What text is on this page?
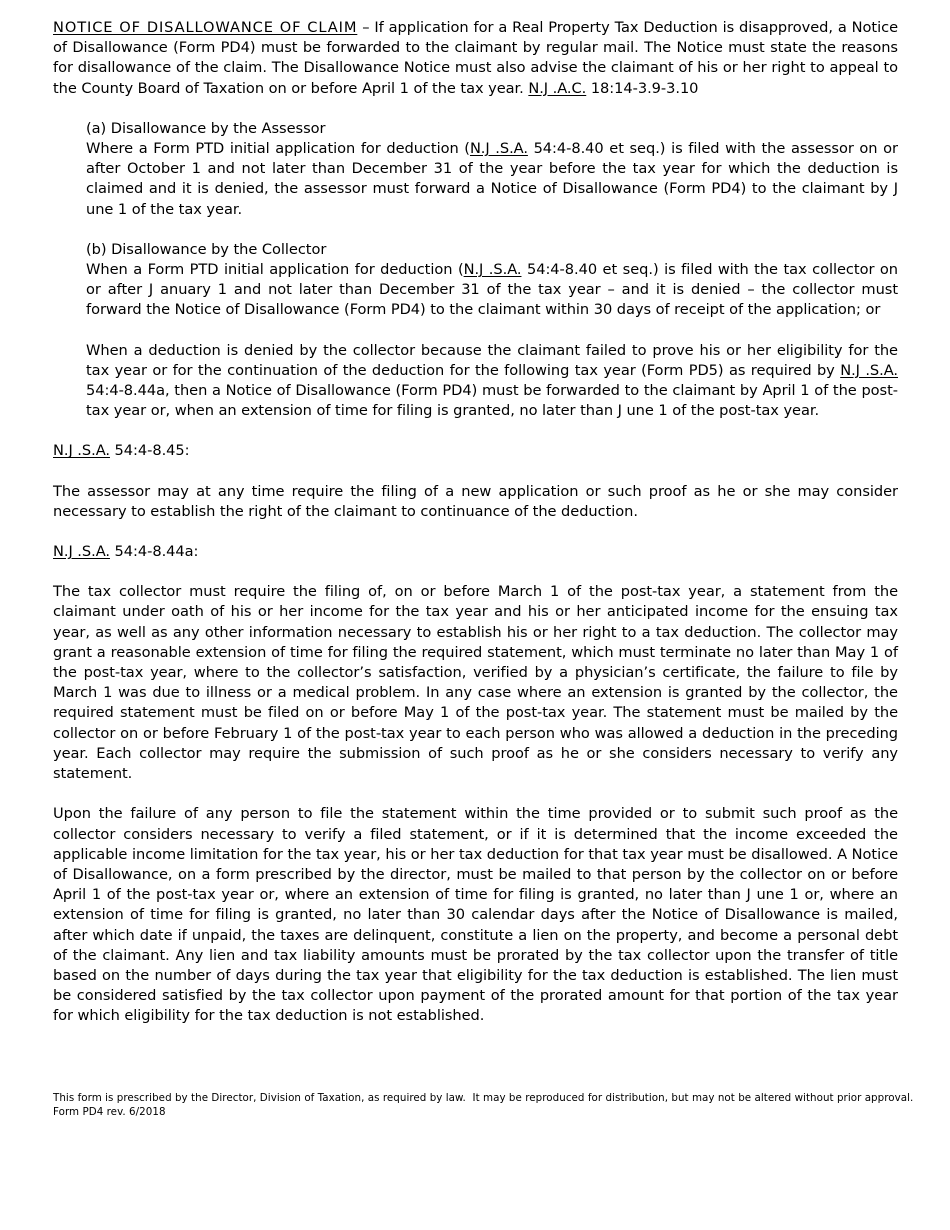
NOTICE OF DISALLOWANCE OF CLAIM – If application for a Real Property Tax Deduction is disapproved, a Notice of Disallowance (Form PD4) must be forwarded to the claimant by regular mail. The Notice must state the reasons for disallowance of the claim. The Disallowance Notice must also advise the claimant of his or her right to appeal to the County Board of Taxation on or before April 1 of the tax year. N.J .A.C. 18:14-3.9-3.10

(a) Disallowance by the Assessor

Where a Form PTD initial application for deduction (N.J .S.A. 54:4-8.40 et seq.) is filed with the assessor on or after October 1 and not later than December 31 of the year before the tax year for which the deduction is claimed and it is denied, the assessor must forward a Notice of Disallowance (Form PD4) to the claimant by J une 1 of the tax year.

(b) Disallowance by the Collector

When a Form PTD initial application for deduction (N.J .S.A. 54:4-8.40 et seq.) is filed with the tax collector on or after J anuary 1 and not later than December 31 of the tax year – and it is denied – the collector must forward the Notice of Disallowance (Form PD4) to the claimant within 30 days of receipt of the application; or

When a deduction is denied by the collector because the claimant failed to prove his or her eligibility for the tax year or for the continuation of the deduction for the following tax year (Form PD5) as required by N.J .S.A. 54:4-8.44a, then a Notice of Disallowance (Form PD4) must be forwarded to the claimant by April 1 of the post-tax year or, when an extension of time for filing is granted, no later than J une 1 of the post-tax year.

N.J .S.A. 54:4-8.45:

The assessor may at any time require the filing of a new application or such proof as he or she may consider necessary to establish the right of the claimant to continuance of the deduction.

N.J .S.A. 54:4-8.44a:

The tax collector must require the filing of, on or before March 1 of the post-tax year, a statement from the claimant under oath of his or her income for the tax year and his or her anticipated income for the ensuing tax year, as well as any other information necessary to establish his or her right to a tax deduction. The collector may grant a reasonable extension of time for filing the required statement, which must terminate no later than May 1 of the post-tax year, where to the collector’s satisfaction, verified by a physician’s certificate, the failure to file by March 1 was due to illness or a medical problem. In any case where an extension is granted by the collector, the required statement must be filed on or before May 1 of the post-tax year. The statement must be mailed by the collector on or before February 1 of the post-tax year to each person who was allowed a deduction in the preceding year. Each collector may require the submission of such proof as he or she considers necessary to verify any statement.

Upon the failure of any person to file the statement within the time provided or to submit such proof as the collector considers necessary to verify a filed statement, or if it is determined that the income exceeded the applicable income limitation for the tax year, his or her tax deduction for that tax year must be disallowed. A Notice of Disallowance, on a form prescribed by the director, must be mailed to that person by the collector on or before April 1 of the post-tax year or, where an extension of time for filing is granted, no later than J une 1 or, where an extension of time for filing is granted, no later than 30 calendar days after the Notice of Disallowance is mailed, after which date if unpaid, the taxes are delinquent, constitute a lien on the property, and become a personal debt of the claimant. Any lien and tax liability amounts must be prorated by the tax collector upon the transfer of title based on the number of days during the tax year that eligibility for the tax deduction is established. The lien must be considered satisfied by the tax collector upon payment of the prorated amount for that portion of the tax year for which eligibility for the tax deduction is not established.

This form is prescribed by the Director, Division of Taxation, as required by law.  It may be reproduced for distribution, but may not be altered without prior approval.
Form PD4 rev. 6/2018
